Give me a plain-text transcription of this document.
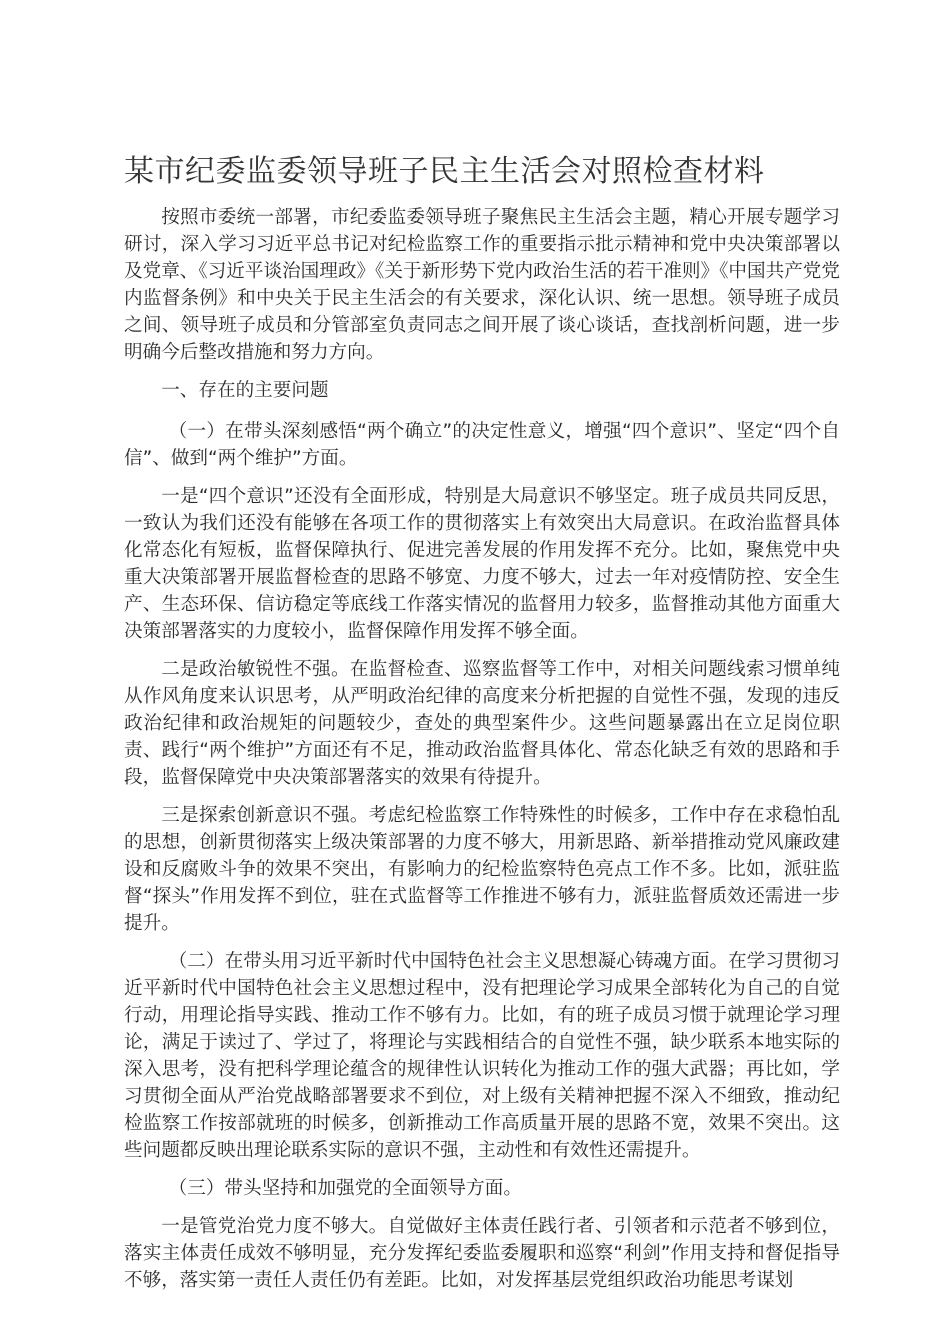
某市纪委监委领导班子民主生活会对照检查材料

按照市委统一部署，市纪委监委领导班子聚焦民主生活会主题，精心开展专题学习研讨，深入学习习近平总书记对纪检监察工作的重要指示批示精神和党中央决策部署以及党章、《习近平谈治国理政》《关于新形势下党内政治生活的若干准则》《中国共产党党内监督条例》和中央关于民主生活会的有关要求，深化认识、统一思想。领导班子成员之间、领导班子成员和分管部室负责同志之间开展了谈心谈话，查找剖析问题，进一步明确今后整改措施和努力方向。

一、存在的主要问题

（一）在带头深刻感悟“两个确立”的决定性意义，增强“四个意识”、坚定“四个自信”、做到“两个维护”方面。

一是“四个意识”还没有全面形成，特别是大局意识不够坚定。班子成员共同反思，一致认为我们还没有能够在各项工作的贯彻落实上有效突出大局意识。在政治监督具体化常态化有短板，监督保障执行、促进完善发展的作用发挥不充分。比如，聚焦党中央重大决策部署开展监督检查的思路不够宽、力度不够大，过去一年对疫情防控、安全生产、生态环保、信访稳定等底线工作落实情况的监督用力较多，监督推动其他方面重大决策部署落实的力度较小，监督保障作用发挥不够全面。

二是政治敏锐性不强。在监督检查、巡察监督等工作中，对相关问题线索习惯单纯从作风角度来认识思考，从严明政治纪律的高度来分析把握的自觉性不强，发现的违反政治纪律和政治规矩的问题较少，查处的典型案件少。这些问题暴露出在立足岗位职责、践行“两个维护”方面还有不足，推动政治监督具体化、常态化缺乏有效的思路和手段，监督保障党中央决策部署落实的效果有待提升。

三是探索创新意识不强。考虑纪检监察工作特殊性的时候多，工作中存在求稳怕乱的思想，创新贯彻落实上级决策部署的力度不够大，用新思路、新举措推动党风廉政建设和反腐败斗争的效果不突出，有影响力的纪检监察特色亮点工作不多。比如，派驻监督“探头”作用发挥不到位，驻在式监督等工作推进不够有力，派驻监督质效还需进一步提升。

（二）在带头用习近平新时代中国特色社会主义思想凝心铸魂方面。在学习贯彻习近平新时代中国特色社会主义思想过程中，没有把理论学习成果全部转化为自己的自觉行动，用理论指导实践、推动工作不够有力。比如，有的班子成员习惯于就理论学习理论，满足于读过了、学过了，将理论与实践相结合的自觉性不强，缺少联系本地实际的深入思考，没有把科学理论蕴含的规律性认识转化为推动工作的强大武器；再比如，学习贯彻全面从严治党战略部署要求不到位，对上级有关精神把握不深入不细致，推动纪检监察工作按部就班的时候多，创新推动工作高质量开展的思路不宽，效果不突出。这些问题都反映出理论联系实际的意识不强，主动性和有效性还需提升。

（三）带头坚持和加强党的全面领导方面。

一是管党治党力度不够大。自觉做好主体责任践行者、引领者和示范者不够到位，落实主体责任成效不够明显，充分发挥纪委监委履职和巡察“利剑”作用支持和督促指导不够，落实第一责任人责任仍有差距。比如，对发挥基层党组织政治功能思考谋划
